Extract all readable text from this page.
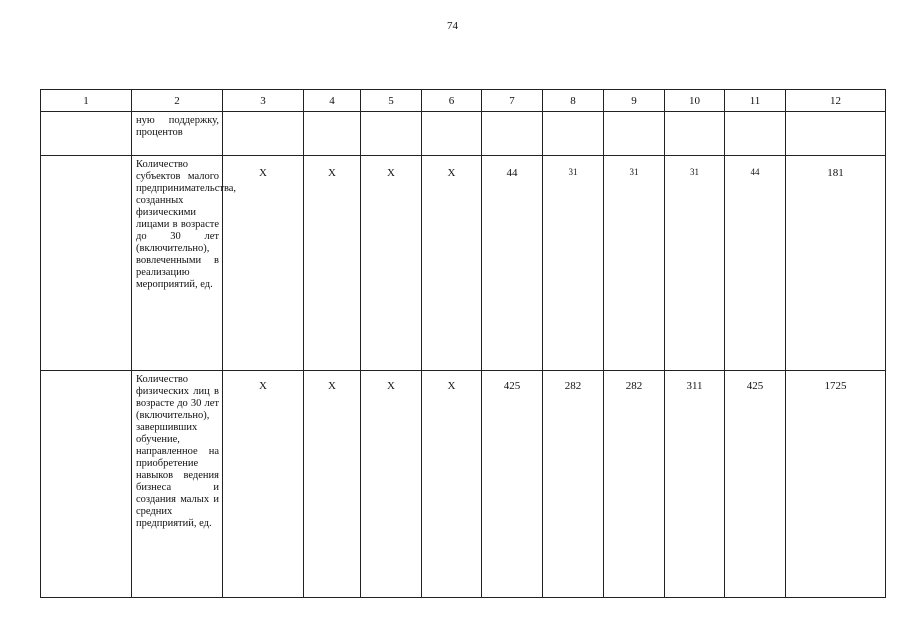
74
1	2	3	4	5	6	7	8	9	10	11	12
	ную поддержку, процентов										
	Количество субъектов малого предпринимательства, созданных физическими лицами в возрасте до 30 лет (включительно), вовлеченными в реализацию мероприятий, ед.	X	X	X	X	44	31	31	31	44	181
	Количество физических лиц в возрасте до 30 лет (включительно), завершивших обучение, направленное на приобретение навыков ведения бизнеса и создания малых и средних предприятий, ед.	X	X	X	X	425	282	282	311	425	1725
